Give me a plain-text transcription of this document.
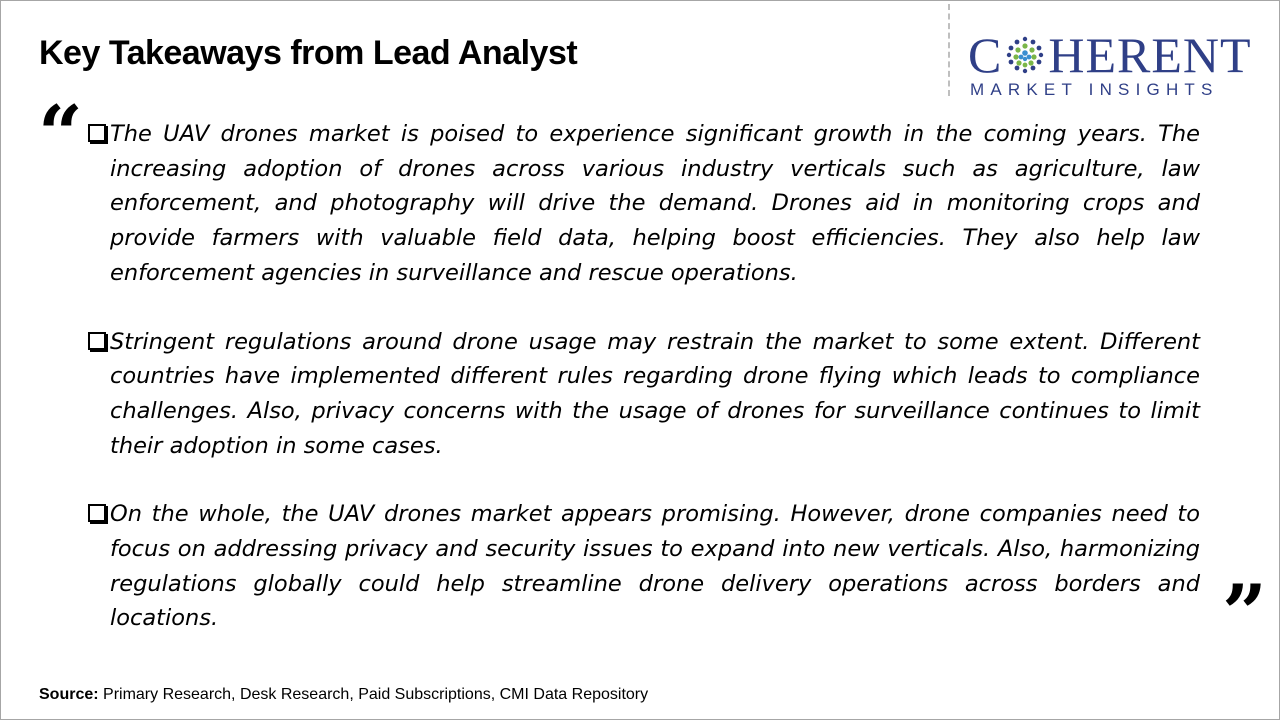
Key Takeaways from Lead Analyst	C HERENT
MARKET INSIGHTS
“	The UAV drones market is poised to experience significant growth in the coming years. The increasing adoption of drones across various industry verticals such as agriculture, law enforcement, and photography will drive the demand. Drones aid in monitoring crops and provide farmers with valuable field data, helping boost efficiencies. They also help law enforcement agencies in surveillance and rescue operations.
Stringent regulations around drone usage may restrain the market to some extent. Different countries have implemented different rules regarding drone flying which leads to compliance challenges. Also, privacy concerns with the usage of drones for surveillance continues to limit their adoption in some cases.
On the whole, the UAV drones market appears promising. However, drone companies need to focus on addressing privacy and security issues to expand into new verticals. Also, harmonizing regulations globally could help streamline drone delivery operations across borders and locations.	”
Source: Primary Research, Desk Research, Paid Subscriptions, CMI Data Repository
